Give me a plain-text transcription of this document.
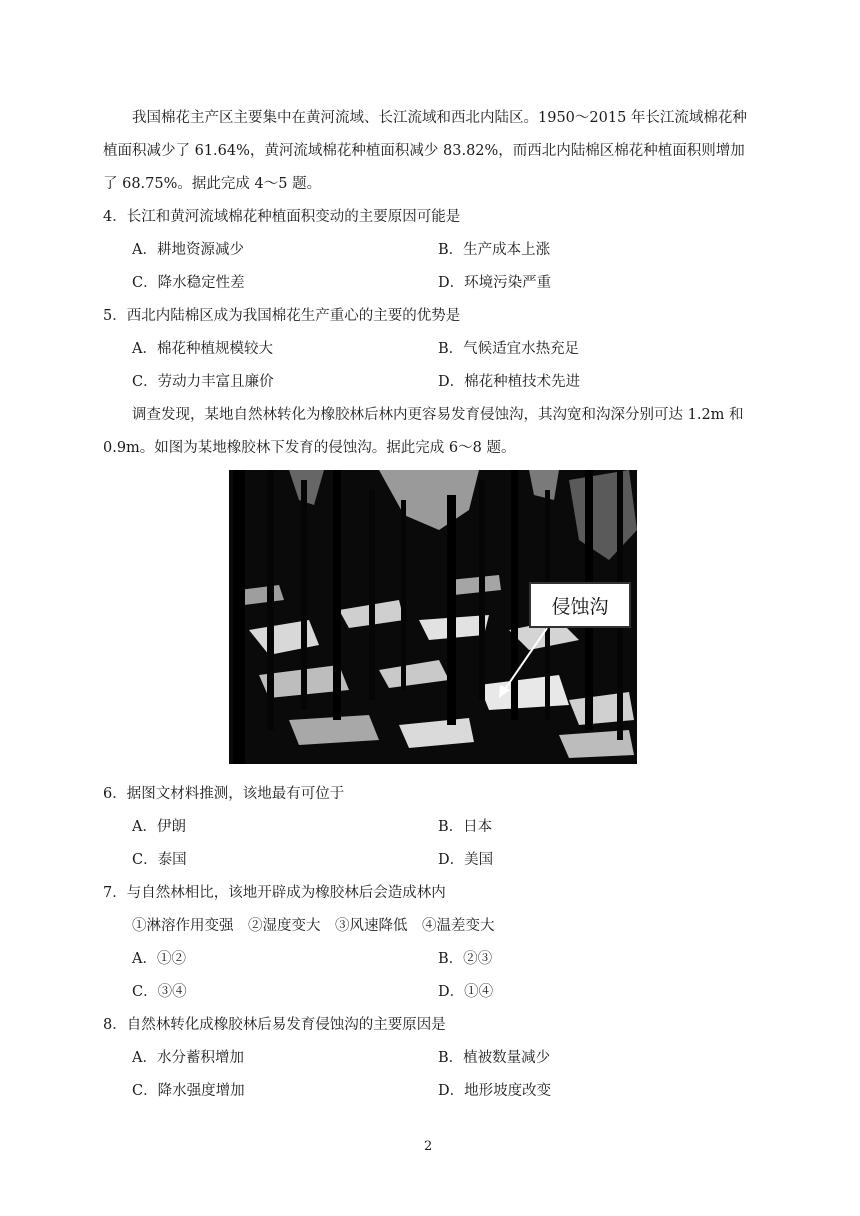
我国棉花主产区主要集中在黄河流域、长江流域和西北内陆区。1950～2015 年长江流域棉花种
植面积减少了 61.64%，黄河流域棉花种植面积减少 83.82%，而西北内陆棉区棉花种植面积则增加
了 68.75%。据此完成 4～5 题。
4．长江和黄河流域棉花种植面积变动的主要原因可能是
A．耕地资源减少	B．生产成本上涨
C．降水稳定性差	D．环境污染严重
5．西北内陆棉区成为我国棉花生产重心的主要的优势是
A．棉花种植规模较大	B．气候适宜水热充足
C．劳动力丰富且廉价	D．棉花种植技术先进
调查发现，某地自然林转化为橡胶林后林内更容易发育侵蚀沟，其沟宽和沟深分别可达 1.2m 和
0.9m。如图为某地橡胶林下发育的侵蚀沟。据此完成 6～8 题。
侵蚀沟
6．据图文材料推测，该地最有可位于
A．伊朗	B．日本
C．泰国	D．美国
7．与自然林相比，该地开辟成为橡胶林后会造成林内
①淋溶作用变强　②湿度变大　③风速降低　④温差变大
A．①②	B．②③
C．③④	D．①④
8．自然林转化成橡胶林后易发育侵蚀沟的主要原因是
A．水分蓄积增加	B．植被数量减少
C．降水强度增加	D．地形坡度改变
2
